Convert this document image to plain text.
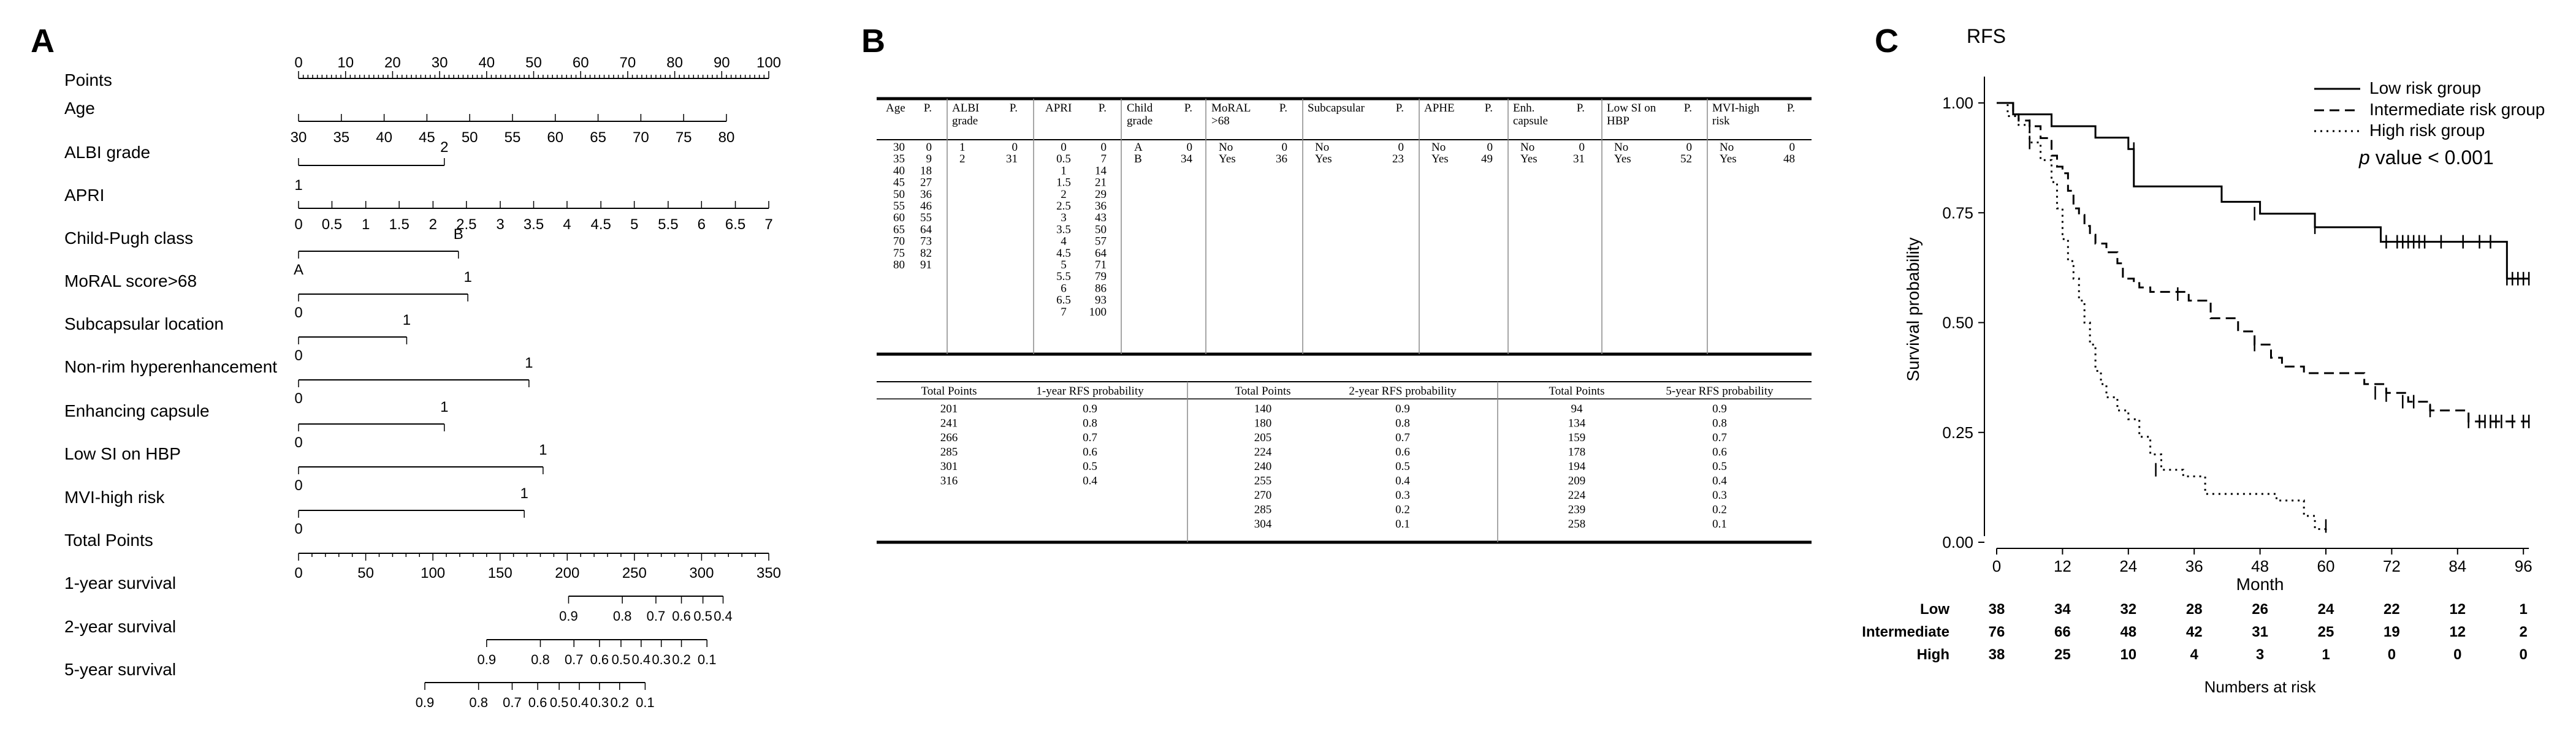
A	B	C
Points
0 10 20 30 40 50 60 70 80 90 100
Age
30 35 40 45 50 55 60 65 70 75 80
ALBI grade
1
2
APRI
0 0.5 1 1.5 2 2.5 3 3.5 4 4.5 5 5.5 6 6.5 7
Child-Pugh class
A
B
MoRAL score>68
0
1
Subcapsular location
0
1
Non-rim hyperenhancement
0
1
Enhancing capsule
0
1
Low SI on HBP
0
1
MVI-high risk
0
1
Total Points
0	50	100	150	200	250	300	350
1-year survival
0.9	0.8 0.7 0.6 0.5 0.4
2-year survival
0.9	0.8 0.7 0.6 0.5 0.4 0.3 0.2 0.1
5-year survival
0.9	0.8 0.7 0.6 0.5 0.4 0.3 0.2 0.1
Age P.
30 0
35 9
40 18
45 27
50 36
55 46
60 55
65 64
70 73
75 82
80 91
ALBI
grade
P.
1	0
2	31
APRI P.
0	0
0.5	7
1 14
1.5 21
2 29
2.5 36
3 43
3.5 50
4 57
4.5 64
5 71
5.5 79
6 86
6.5 93
7 100
Child
grade
P.
A	0
B	34
MoRAL
>68
P.
No	0
Yes	36
Subcapsular	P.
No	0
Yes	23
APHE	P.
No	0
Yes	49
Enh.
capsule
P.
No	0
Yes	31
Low SI on
HBP
P.
No	0
Yes	52
MVI-high
risk
P.
No	0
Yes	48
Total Points	1-year RFS probability
201	0.9
241	0.8
266	0.7
285	0.6
301	0.5
316	0.4
Total Points	2-year RFS probability
140	0.9
180	0.8
205	0.7
224	0.6
240	0.5
255	0.4
270	0.3
285	0.2
304	0.1
Total Points	5-year RFS probability
94	0.9
134	0.8
159	0.7
178	0.6
194	0.5
209	0.4
224	0.3
239	0.2
258	0.1
RFS
0.00
0.25
0.50
0.75
1.00
0	12	24	36	48	60	72	84	96
Month
Survival probability
Low risk group
Intermediate risk group
High risk group
p value < 0.001
Low	38	34	32	28	26	24	22	12	1
Intermediate	76	66	48	42	31	25	19	12	2
High	38	25	10	4	3	1	0	0	0
Numbers at risk
